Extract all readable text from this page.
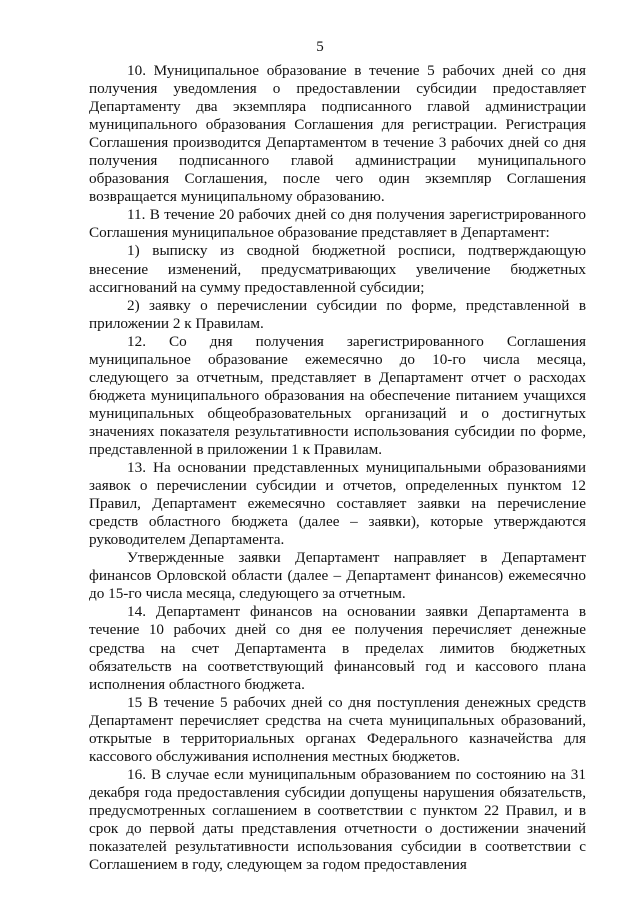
5

10. Муниципальное образование в течение 5 рабочих дней со дня получения уведомления о предоставлении субсидии предоставляет Департаменту два экземпляра подписанного главой администрации муниципального образования Соглашения для регистрации. Регистрация Соглашения производится Департаментом в течение 3 рабочих дней со дня получения подписанного главой администрации муниципального образования Соглашения, после чего один экземпляр Соглашения возвращается муниципальному образованию.

11. В течение 20 рабочих дней со дня получения зарегистрированного Соглашения муниципальное образование представляет в Департамент:

1) выписку из сводной бюджетной росписи, подтверждающую внесение изменений, предусматривающих увеличение бюджетных ассигнований на сумму предоставленной субсидии;

2) заявку о перечислении субсидии по форме, представленной в приложении 2 к Правилам.

12. Со дня получения зарегистрированного Соглашения муниципальное образование ежемесячно до 10-го числа месяца, следующего за отчетным, представляет в Департамент отчет о расходах бюджета муниципального образования на обеспечение питанием учащихся муниципальных общеобразовательных организаций и о достигнутых значениях показателя результативности использования субсидии по форме, представленной в приложении 1 к Правилам.

13. На основании представленных муниципальными образованиями заявок о перечислении субсидии и отчетов, определенных пунктом 12 Правил, Департамент ежемесячно составляет заявки на перечисление средств областного бюджета (далее – заявки), которые утверждаются руководителем Департамента.

Утвержденные заявки Департамент направляет в Департамент финансов Орловской области (далее – Департамент финансов) ежемесячно до 15-го числа месяца, следующего за отчетным.

14. Департамент финансов на основании заявки Департамента в течение 10 рабочих дней со дня ее получения перечисляет денежные средства на счет Департамента в пределах лимитов бюджетных обязательств на соответствующий финансовый год и кассового плана исполнения областного бюджета.

15 В течение 5 рабочих дней со дня поступления денежных средств Департамент перечисляет средства на счета муниципальных образований, открытые в территориальных органах Федерального казначейства для кассового обслуживания исполнения местных бюджетов.

16. В случае если муниципальным образованием по состоянию на 31 декабря года предоставления субсидии допущены нарушения обязательств, предусмотренных соглашением в соответствии с пунктом 22 Правил, и в срок до первой даты представления отчетности о достижении значений показателей результативности использования субсидии в соответствии с Соглашением в году, следующем за годом предоставления
